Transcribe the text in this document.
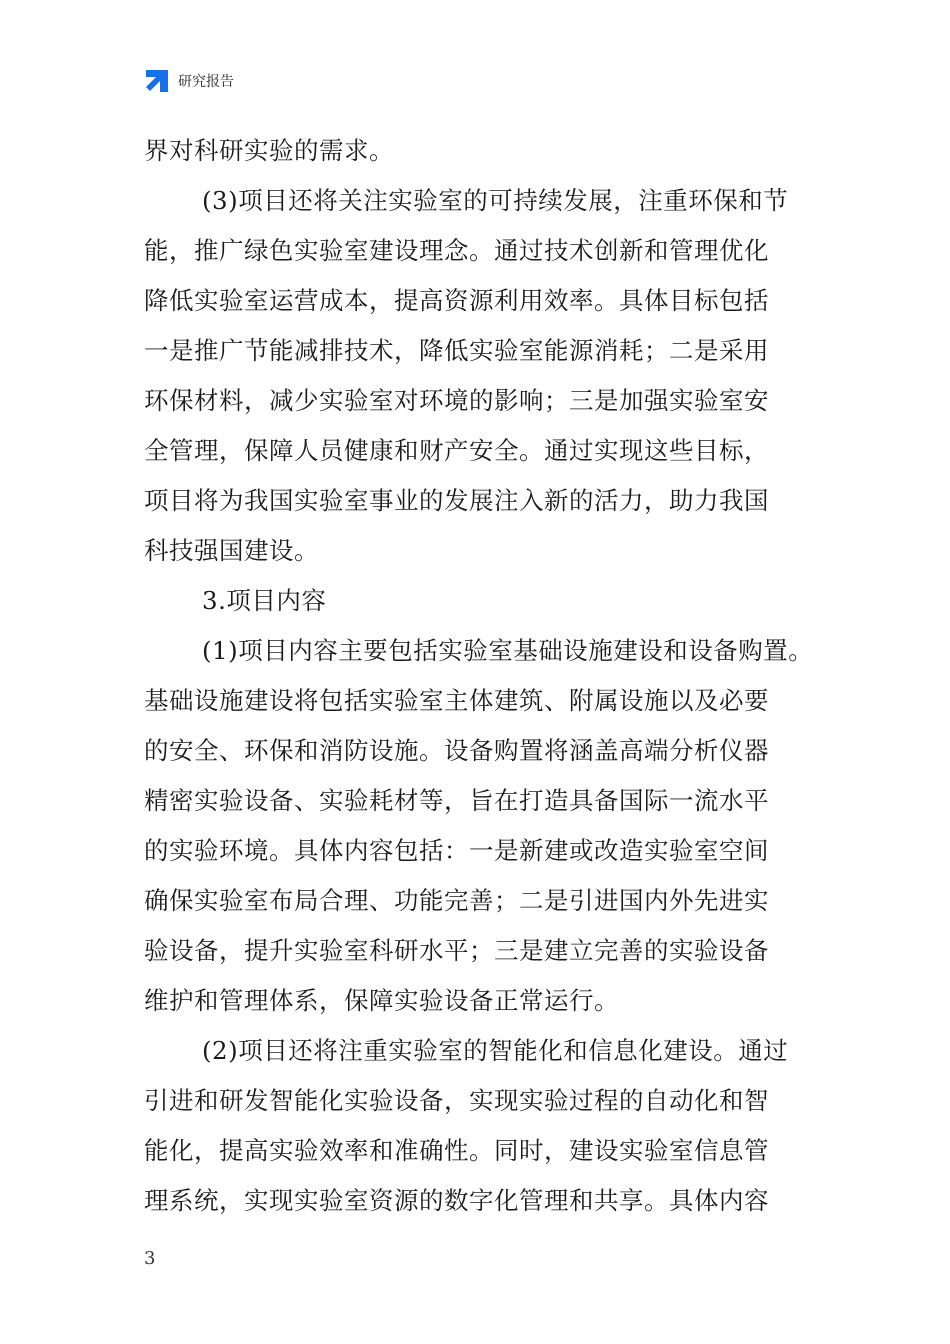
研究报告
界对科研实验的需求。
(3)项目还将关注实验室的可持续发展，注重环保和节
能，推广绿色实验室建设理念。通过技术创新和管理优化
降低实验室运营成本，提高资源利用效率。具体目标包括
一是推广节能减排技术，降低实验室能源消耗；二是采用
环保材料，减少实验室对环境的影响；三是加强实验室安
全管理，保障人员健康和财产安全。通过实现这些目标，
项目将为我国实验室事业的发展注入新的活力，助力我国
科技强国建设。
3.项目内容
(1)项目内容主要包括实验室基础设施建设和设备购置。
基础设施建设将包括实验室主体建筑、附属设施以及必要
的安全、环保和消防设施。设备购置将涵盖高端分析仪器
精密实验设备、实验耗材等，旨在打造具备国际一流水平
的实验环境。具体内容包括：一是新建或改造实验室空间
确保实验室布局合理、功能完善；二是引进国内外先进实
验设备，提升实验室科研水平；三是建立完善的实验设备
维护和管理体系，保障实验设备正常运行。
(2)项目还将注重实验室的智能化和信息化建设。通过
引进和研发智能化实验设备，实现实验过程的自动化和智
能化，提高实验效率和准确性。同时，建设实验室信息管
理系统，实现实验室资源的数字化管理和共享。具体内容
3
